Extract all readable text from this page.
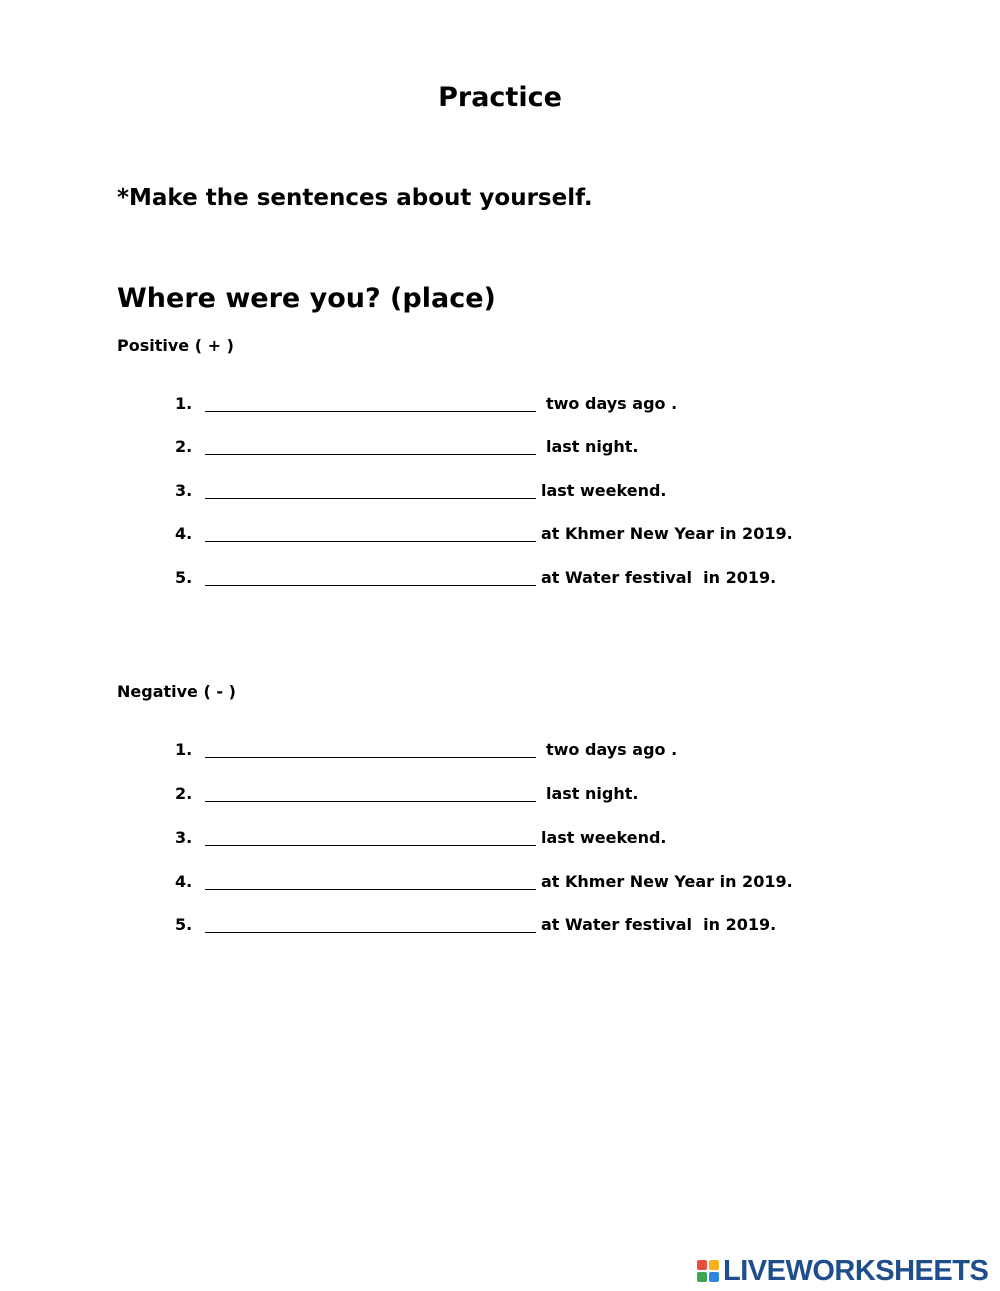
Practice
*Make the sentences about yourself.
Where were you? (place)
Positive ( + )
1.	two days ago .
2.	last night.
3.	last weekend.
4.	at Khmer New Year in 2019.
5.	at Water festival  in 2019.
Negative ( - )
1.	two days ago .
2.	last night.
3.	last weekend.
4.	at Khmer New Year in 2019.
5.	at Water festival  in 2019.
LIVEWORKSHEETS
